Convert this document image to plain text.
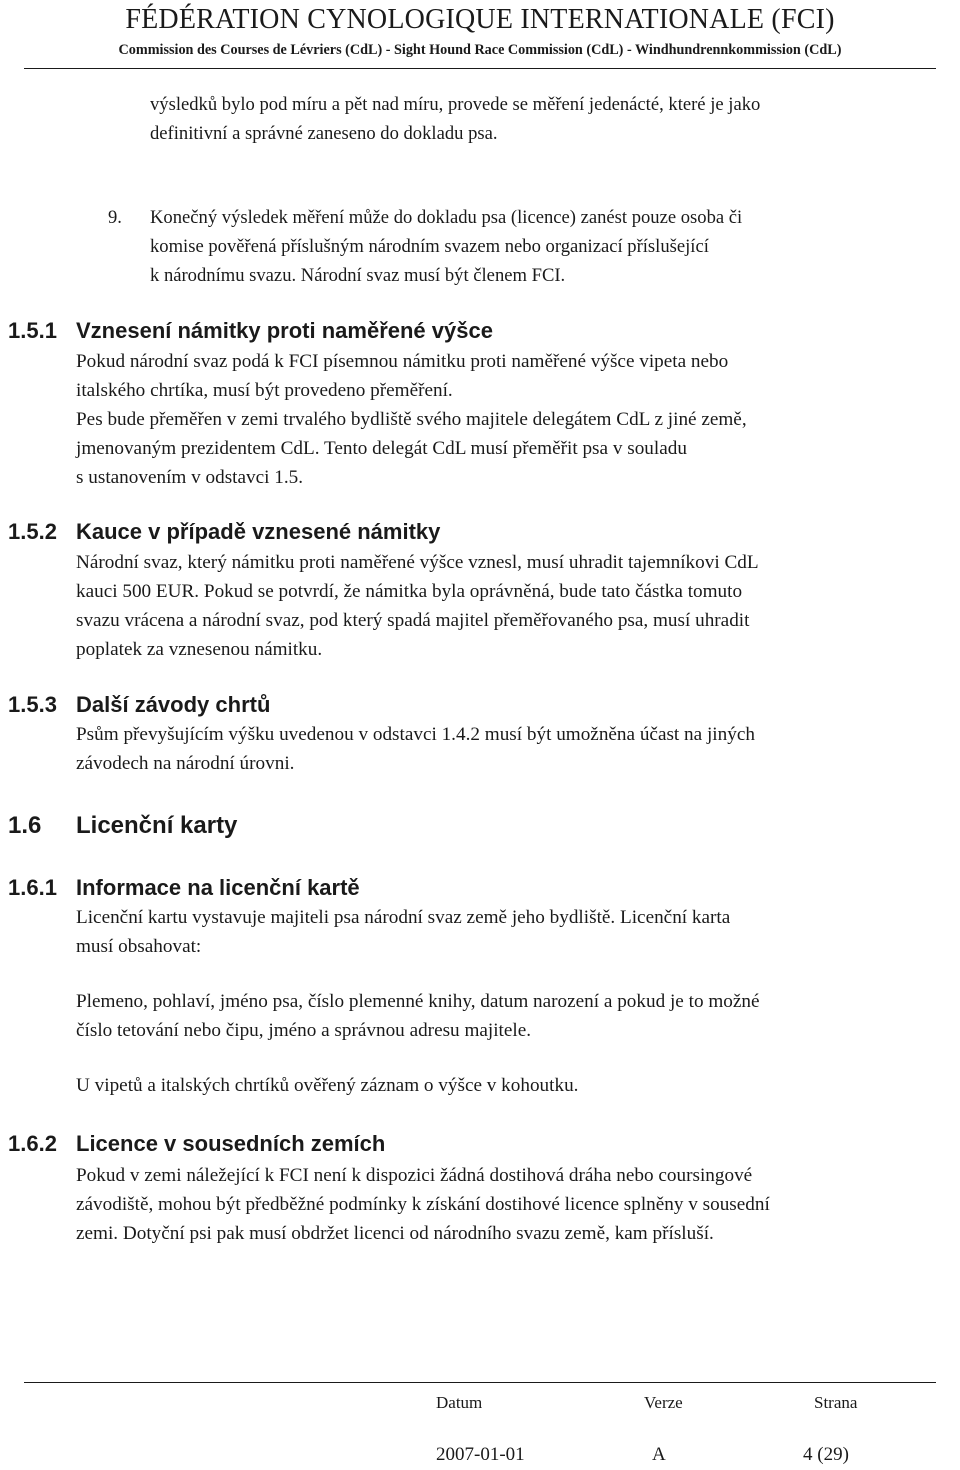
FÉDÉRATION CYNOLOGIQUE INTERNATIONALE (FCI)
Commission des Courses de Lévriers (CdL) - Sight Hound Race Commission (CdL) - Windhundrennkommission (CdL)
výsledků bylo pod míru a pět nad míru, provede se měření jedenácté, které je jako
definitivní a správné zaneseno do dokladu psa.
9. Konečný výsledek měření může do dokladu psa (licence) zanést pouze osoba či
komise pověřená příslušným národním svazem nebo organizací příslušející
k národnímu svazu. Národní svaz musí být členem FCI.
1.5.1 Vznesení námitky proti naměřené výšce
Pokud národní svaz podá k FCI písemnou námitku proti naměřené výšce vipeta nebo
italského chrtíka, musí být provedeno přeměření.
Pes bude přeměřen v zemi trvalého bydliště svého majitele delegátem CdL z jiné země,
jmenovaným prezidentem CdL. Tento delegát CdL musí přeměřit psa v souladu
s ustanovením v odstavci 1.5.
1.5.2 Kauce v případě vznesené námitky
Národní svaz, který námitku proti naměřené výšce vznesl, musí uhradit tajemníkovi CdL
kauci 500 EUR. Pokud se potvrdí, že námitka byla oprávněná, bude tato částka tomuto
svazu vrácena a národní svaz, pod který spadá majitel přeměřovaného psa, musí uhradit
poplatek za vznesenou námitku.
1.5.3 Další závody chrtů
Psům převyšujícím výšku uvedenou v odstavci 1.4.2 musí být umožněna účast na jiných
závodech na národní úrovni.
1.6 Licenční karty
1.6.1 Informace na licenční kartě
Licenční kartu vystavuje majiteli psa národní svaz země jeho bydliště. Licenční karta
musí obsahovat:
Plemeno, pohlaví, jméno psa, číslo plemenné knihy, datum narození a pokud je to možné
číslo tetování nebo čipu, jméno a správnou adresu majitele.
U vipetů a italských chrtíků ověřený záznam o výšce v kohoutku.
1.6.2 Licence v sousedních zemích
Pokud v zemi náležející k FCI není k dispozici žádná dostihová dráha nebo coursingové
závodiště, mohou být předběžné podmínky k získání dostihové licence splněny v sousední
zemi. Dotyční psi pak musí obdržet licenci od národního svazu země, kam přísluší.
Datum	Verze	Strana
2007-01-01	A	4 (29)
